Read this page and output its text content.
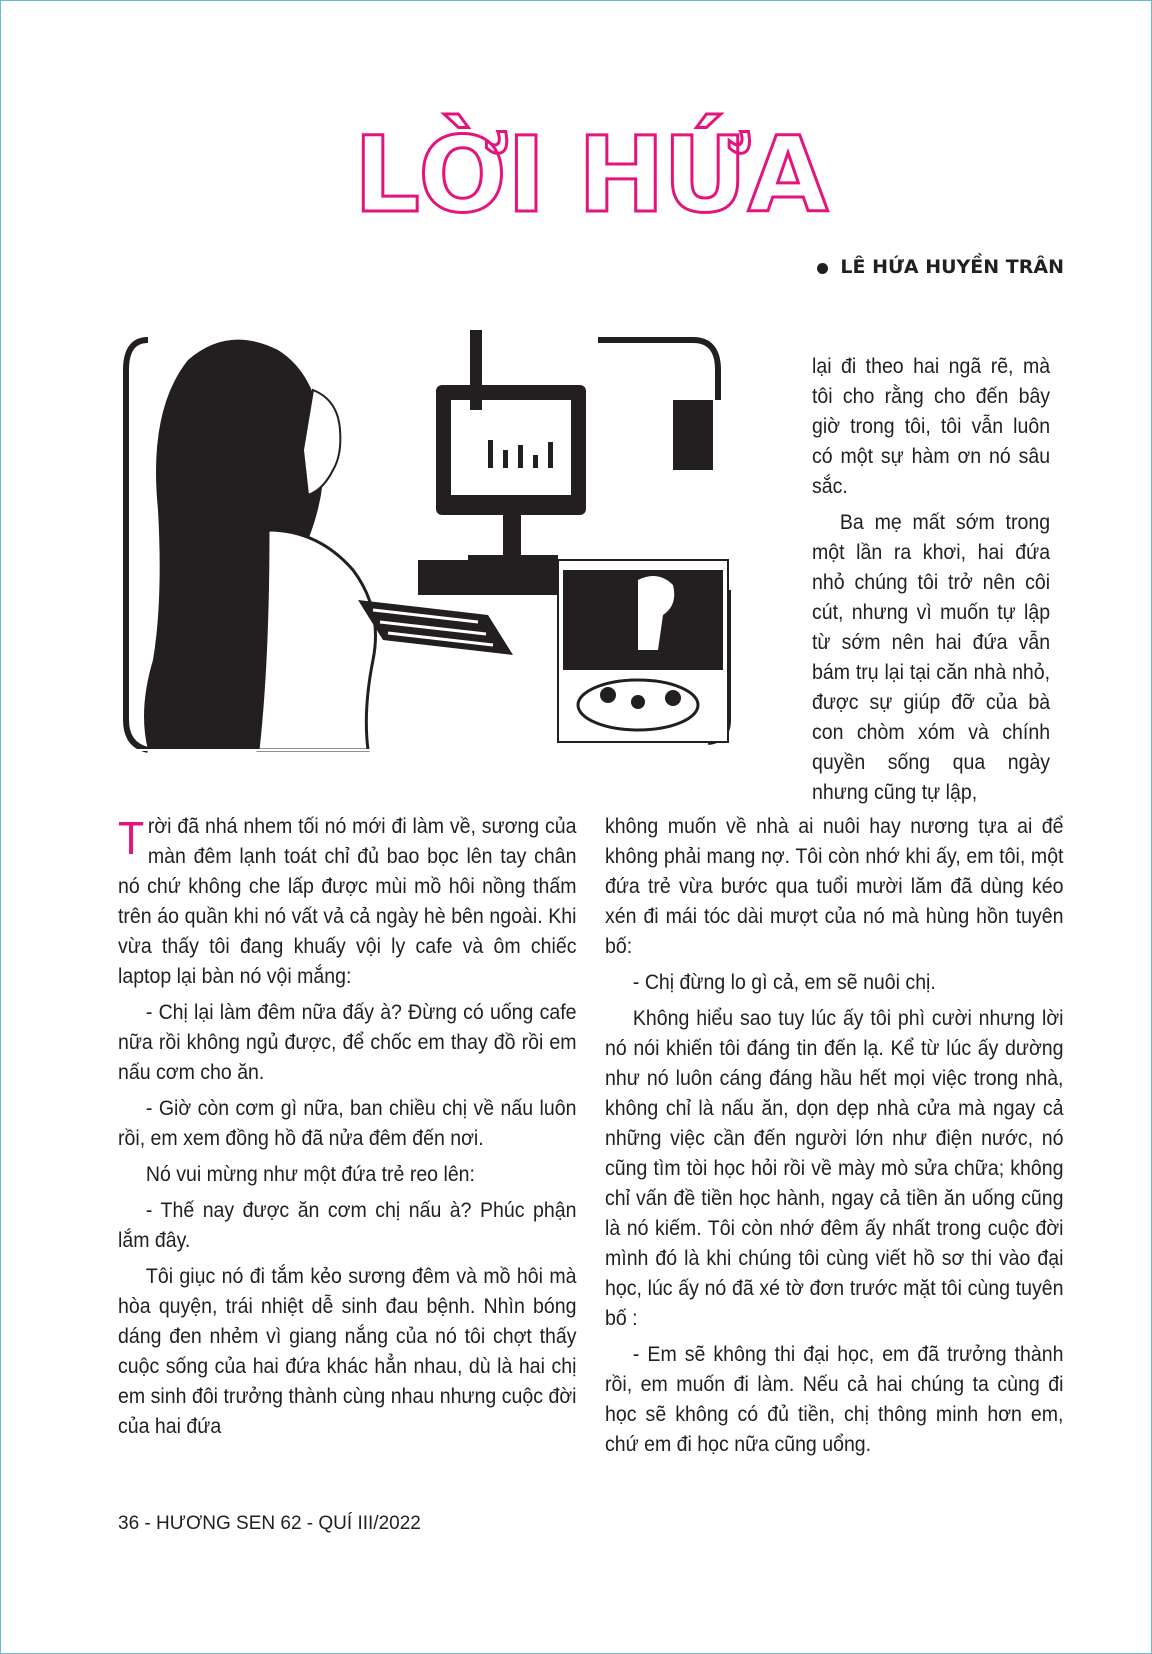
LỜI HỨA
LÊ HỨA HUYỀN TRÂN

lại đi theo hai ngã rẽ, mà tôi cho rằng cho đến bây giờ trong tôi, tôi vẫn luôn có một sự hàm ơn nó sâu sắc.

Ba mẹ mất sớm trong một lần ra khơi, hai đứa nhỏ chúng tôi trở nên côi cút, nhưng vì muốn tự lập từ sớm nên hai đứa vẫn bám trụ lại tại căn nhà nhỏ, được sự giúp đỡ của bà con chòm xóm và chính quyền sống qua ngày nhưng cũng tự lập,

Trời đã nhá nhem tối nó mới đi làm về, sương của màn đêm lạnh toát chỉ đủ bao bọc lên tay chân nó chứ không che lấp được mùi mồ hôi nồng thấm trên áo quần khi nó vất vả cả ngày hè bên ngoài. Khi vừa thấy tôi đang khuấy vội ly cafe và ôm chiếc laptop lại bàn nó vội mắng:

- Chị lại làm đêm nữa đấy à? Đừng có uống cafe nữa rồi không ngủ được, để chốc em thay đồ rồi em nấu cơm cho ăn.

- Giờ còn cơm gì nữa, ban chiều chị về nấu luôn rồi, em xem đồng hồ đã nửa đêm đến nơi.

Nó vui mừng như một đứa trẻ reo lên:

- Thế nay được ăn cơm chị nấu à? Phúc phận lắm đây.

Tôi giục nó đi tắm kẻo sương đêm và mồ hôi mà hòa quyện, trái nhiệt dễ sinh đau bệnh. Nhìn bóng dáng đen nhẻm vì giang nắng của nó tôi chợt thấy cuộc sống của hai đứa khác hẳn nhau, dù là hai chị em sinh đôi trưởng thành cùng nhau nhưng cuộc đời của hai đứa

không muốn về nhà ai nuôi hay nương tựa ai để không phải mang nợ. Tôi còn nhớ khi ấy, em tôi, một đứa trẻ vừa bước qua tuổi mười lăm đã dùng kéo xén đi mái tóc dài mượt của nó mà hùng hồn tuyên bố:

- Chị đừng lo gì cả, em sẽ nuôi chị.

Không hiểu sao tuy lúc ấy tôi phì cười nhưng lời nó nói khiến tôi đáng tin đến lạ. Kể từ lúc ấy dường như nó luôn cáng đáng hầu hết mọi việc trong nhà, không chỉ là nấu ăn, dọn dẹp nhà cửa mà ngay cả những việc cần đến người lớn như điện nước, nó cũng tìm tòi học hỏi rồi về mày mò sửa chữa; không chỉ vấn đề tiền học hành, ngay cả tiền ăn uống cũng là nó kiếm. Tôi còn nhớ đêm ấy nhất trong cuộc đời mình đó là khi chúng tôi cùng viết hồ sơ thi vào đại học, lúc ấy nó đã xé tờ đơn trước mặt tôi cùng tuyên bố :

- Em sẽ không thi đại học, em đã trưởng thành rồi, em muốn đi làm. Nếu cả hai chúng ta cùng đi học sẽ không có đủ tiền, chị thông minh hơn em, chứ em đi học nữa cũng uổng.

36 - HƯƠNG SEN 62 - QUÍ III/2022
